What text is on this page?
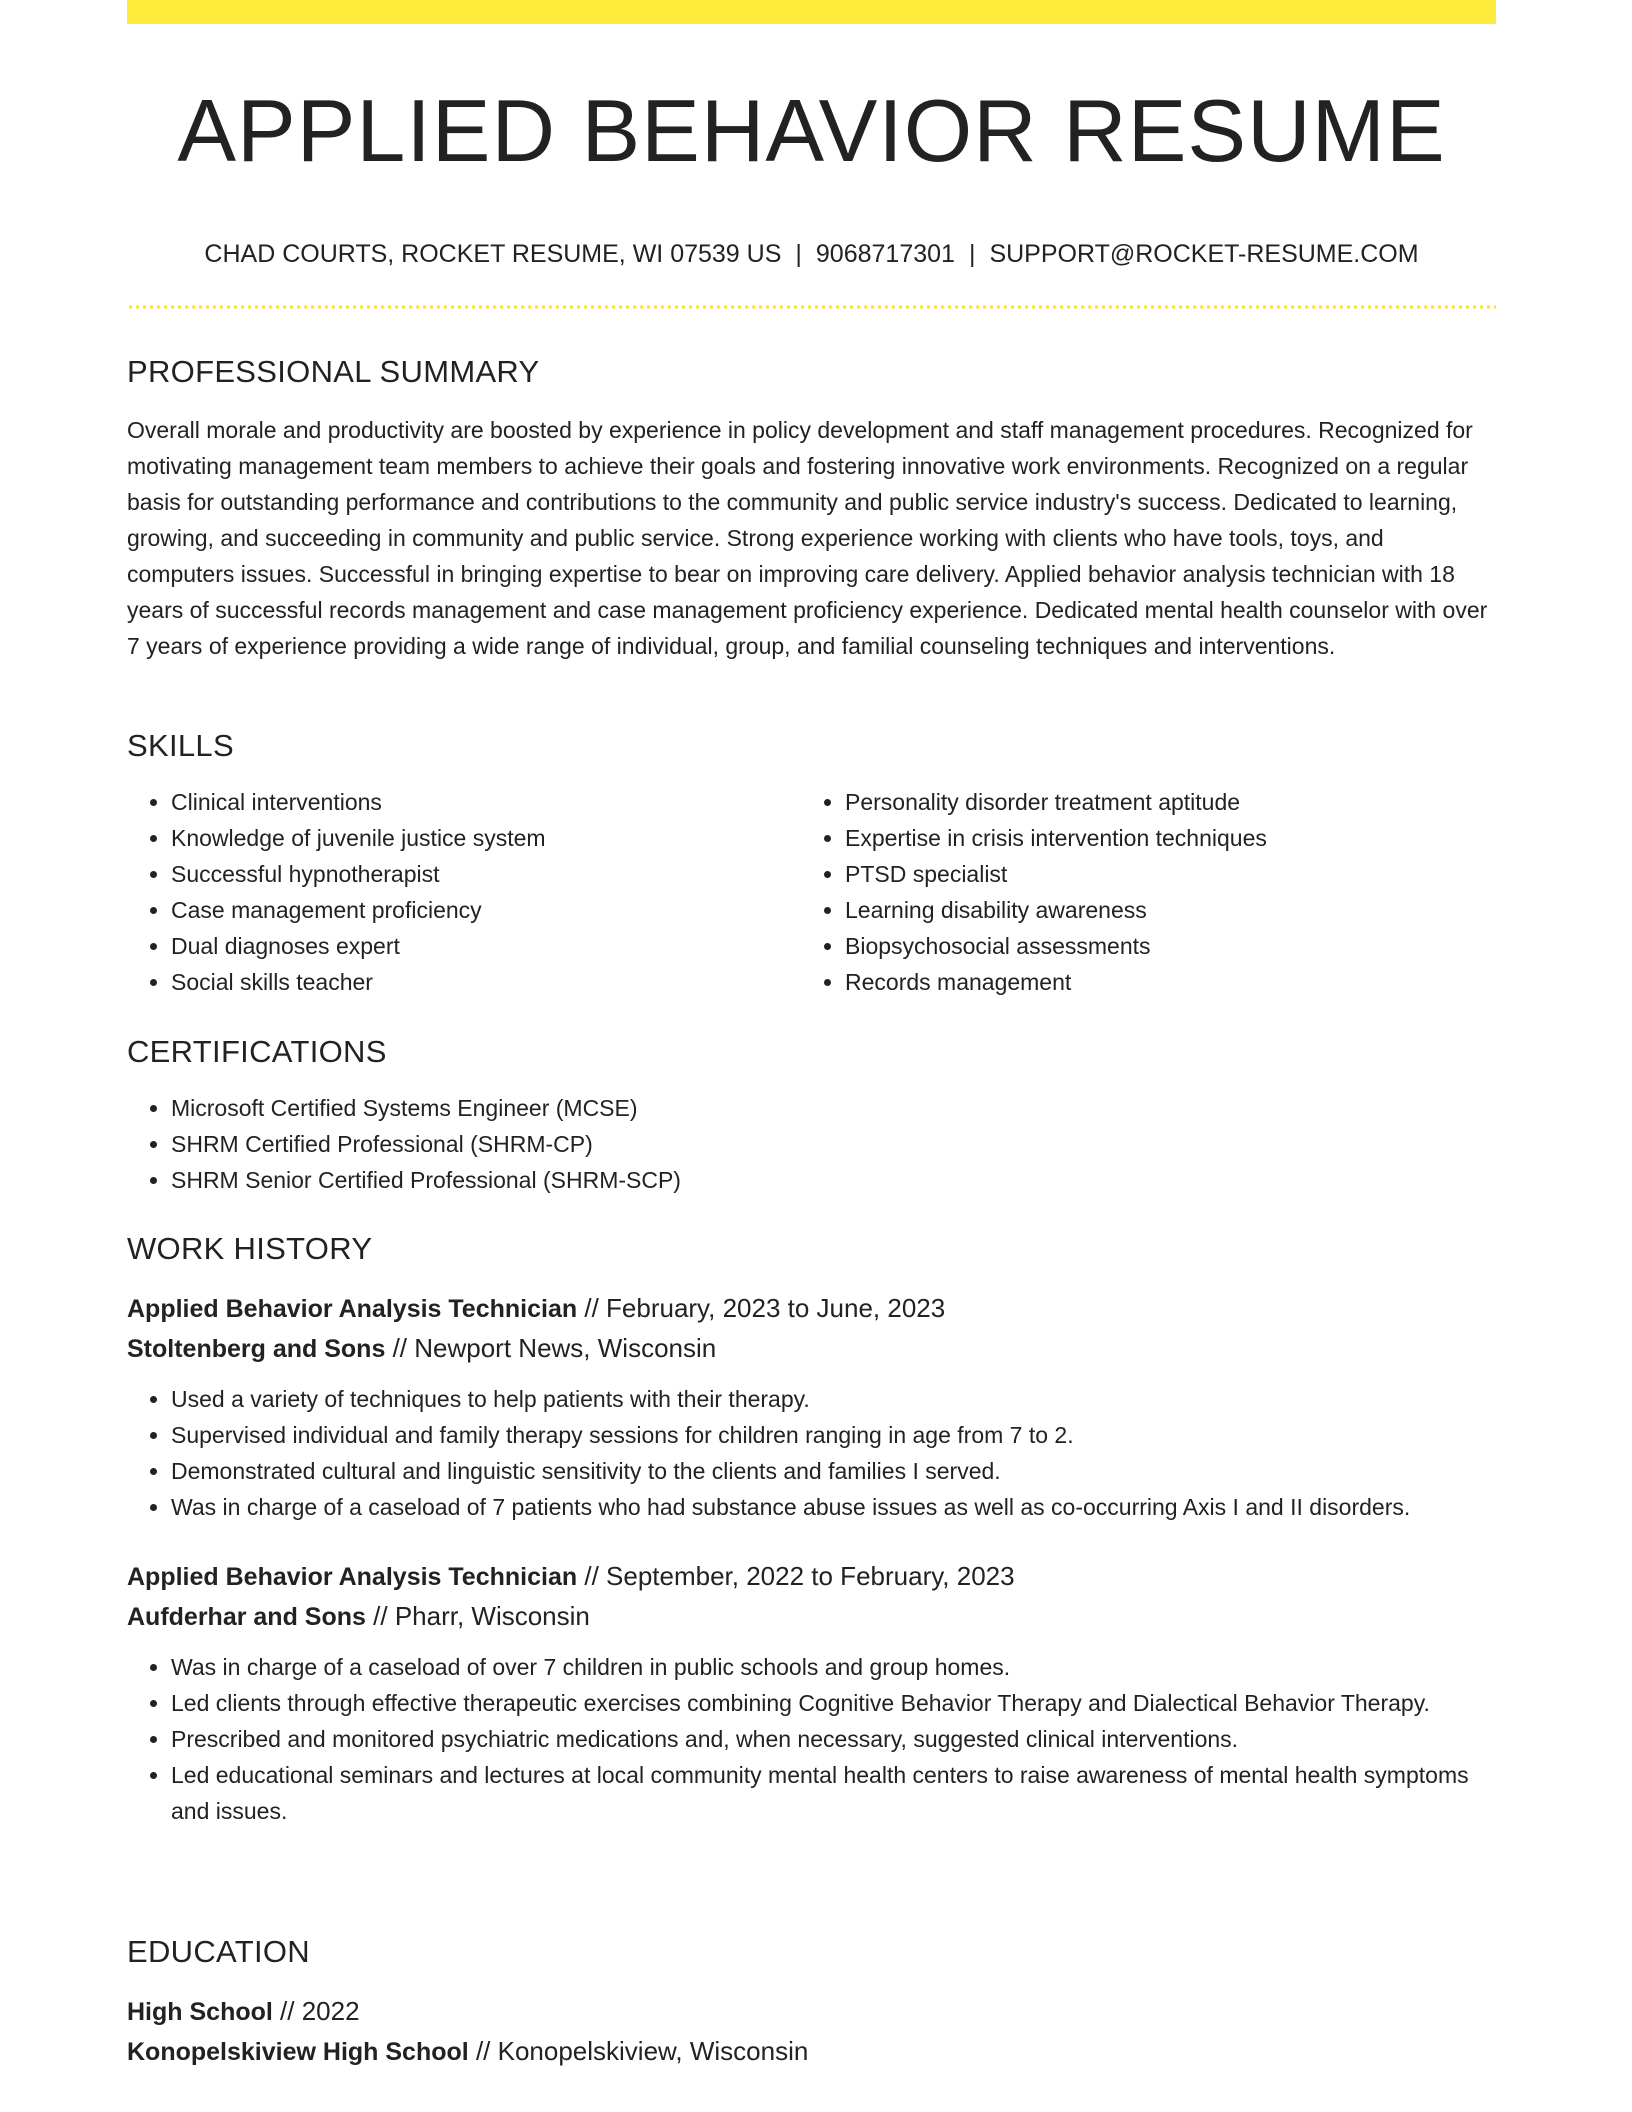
APPLIED BEHAVIOR RESUME
CHAD COURTS, ROCKET RESUME, WI 07539 US | 9068717301 | SUPPORT@ROCKET-RESUME.COM
PROFESSIONAL SUMMARY

Overall morale and productivity are boosted by experience in policy development and staff management procedures. Recognized for motivating management team members to achieve their goals and fostering innovative work environments. Recognized on a regular basis for outstanding performance and contributions to the community and public service industry's success. Dedicated to learning, growing, and succeeding in community and public service. Strong experience working with clients who have tools, toys, and computers issues. Successful in bringing expertise to bear on improving care delivery. Applied behavior analysis technician with 18 years of successful records management and case management proficiency experience. Dedicated mental health counselor with over 7 years of experience providing a wide range of individual, group, and familial counseling techniques and interventions.

SKILLS
• Clinical interventions
• Knowledge of juvenile justice system
• Successful hypnotherapist
• Case management proficiency
• Dual diagnoses expert
• Social skills teacher
• Personality disorder treatment aptitude
• Expertise in crisis intervention techniques
• PTSD specialist
• Learning disability awareness
• Biopsychosocial assessments
• Records management
CERTIFICATIONS
• Microsoft Certified Systems Engineer (MCSE)
• SHRM Certified Professional (SHRM-CP)
• SHRM Senior Certified Professional (SHRM-SCP)
WORK HISTORY
Applied Behavior Analysis Technician // February, 2023 to June, 2023
Stoltenberg and Sons // Newport News, Wisconsin
• Used a variety of techniques to help patients with their therapy.
• Supervised individual and family therapy sessions for children ranging in age from 7 to 2.
• Demonstrated cultural and linguistic sensitivity to the clients and families I served.
• Was in charge of a caseload of 7 patients who had substance abuse issues as well as co-occurring Axis I and II disorders.
Applied Behavior Analysis Technician // September, 2022 to February, 2023
Aufderhar and Sons // Pharr, Wisconsin
• Was in charge of a caseload of over 7 children in public schools and group homes.
• Led clients through effective therapeutic exercises combining Cognitive Behavior Therapy and Dialectical Behavior Therapy.
• Prescribed and monitored psychiatric medications and, when necessary, suggested clinical interventions.
• Led educational seminars and lectures at local community mental health centers to raise awareness of mental health symptoms and issues.
EDUCATION
High School // 2022
Konopelskiview High School // Konopelskiview, Wisconsin
